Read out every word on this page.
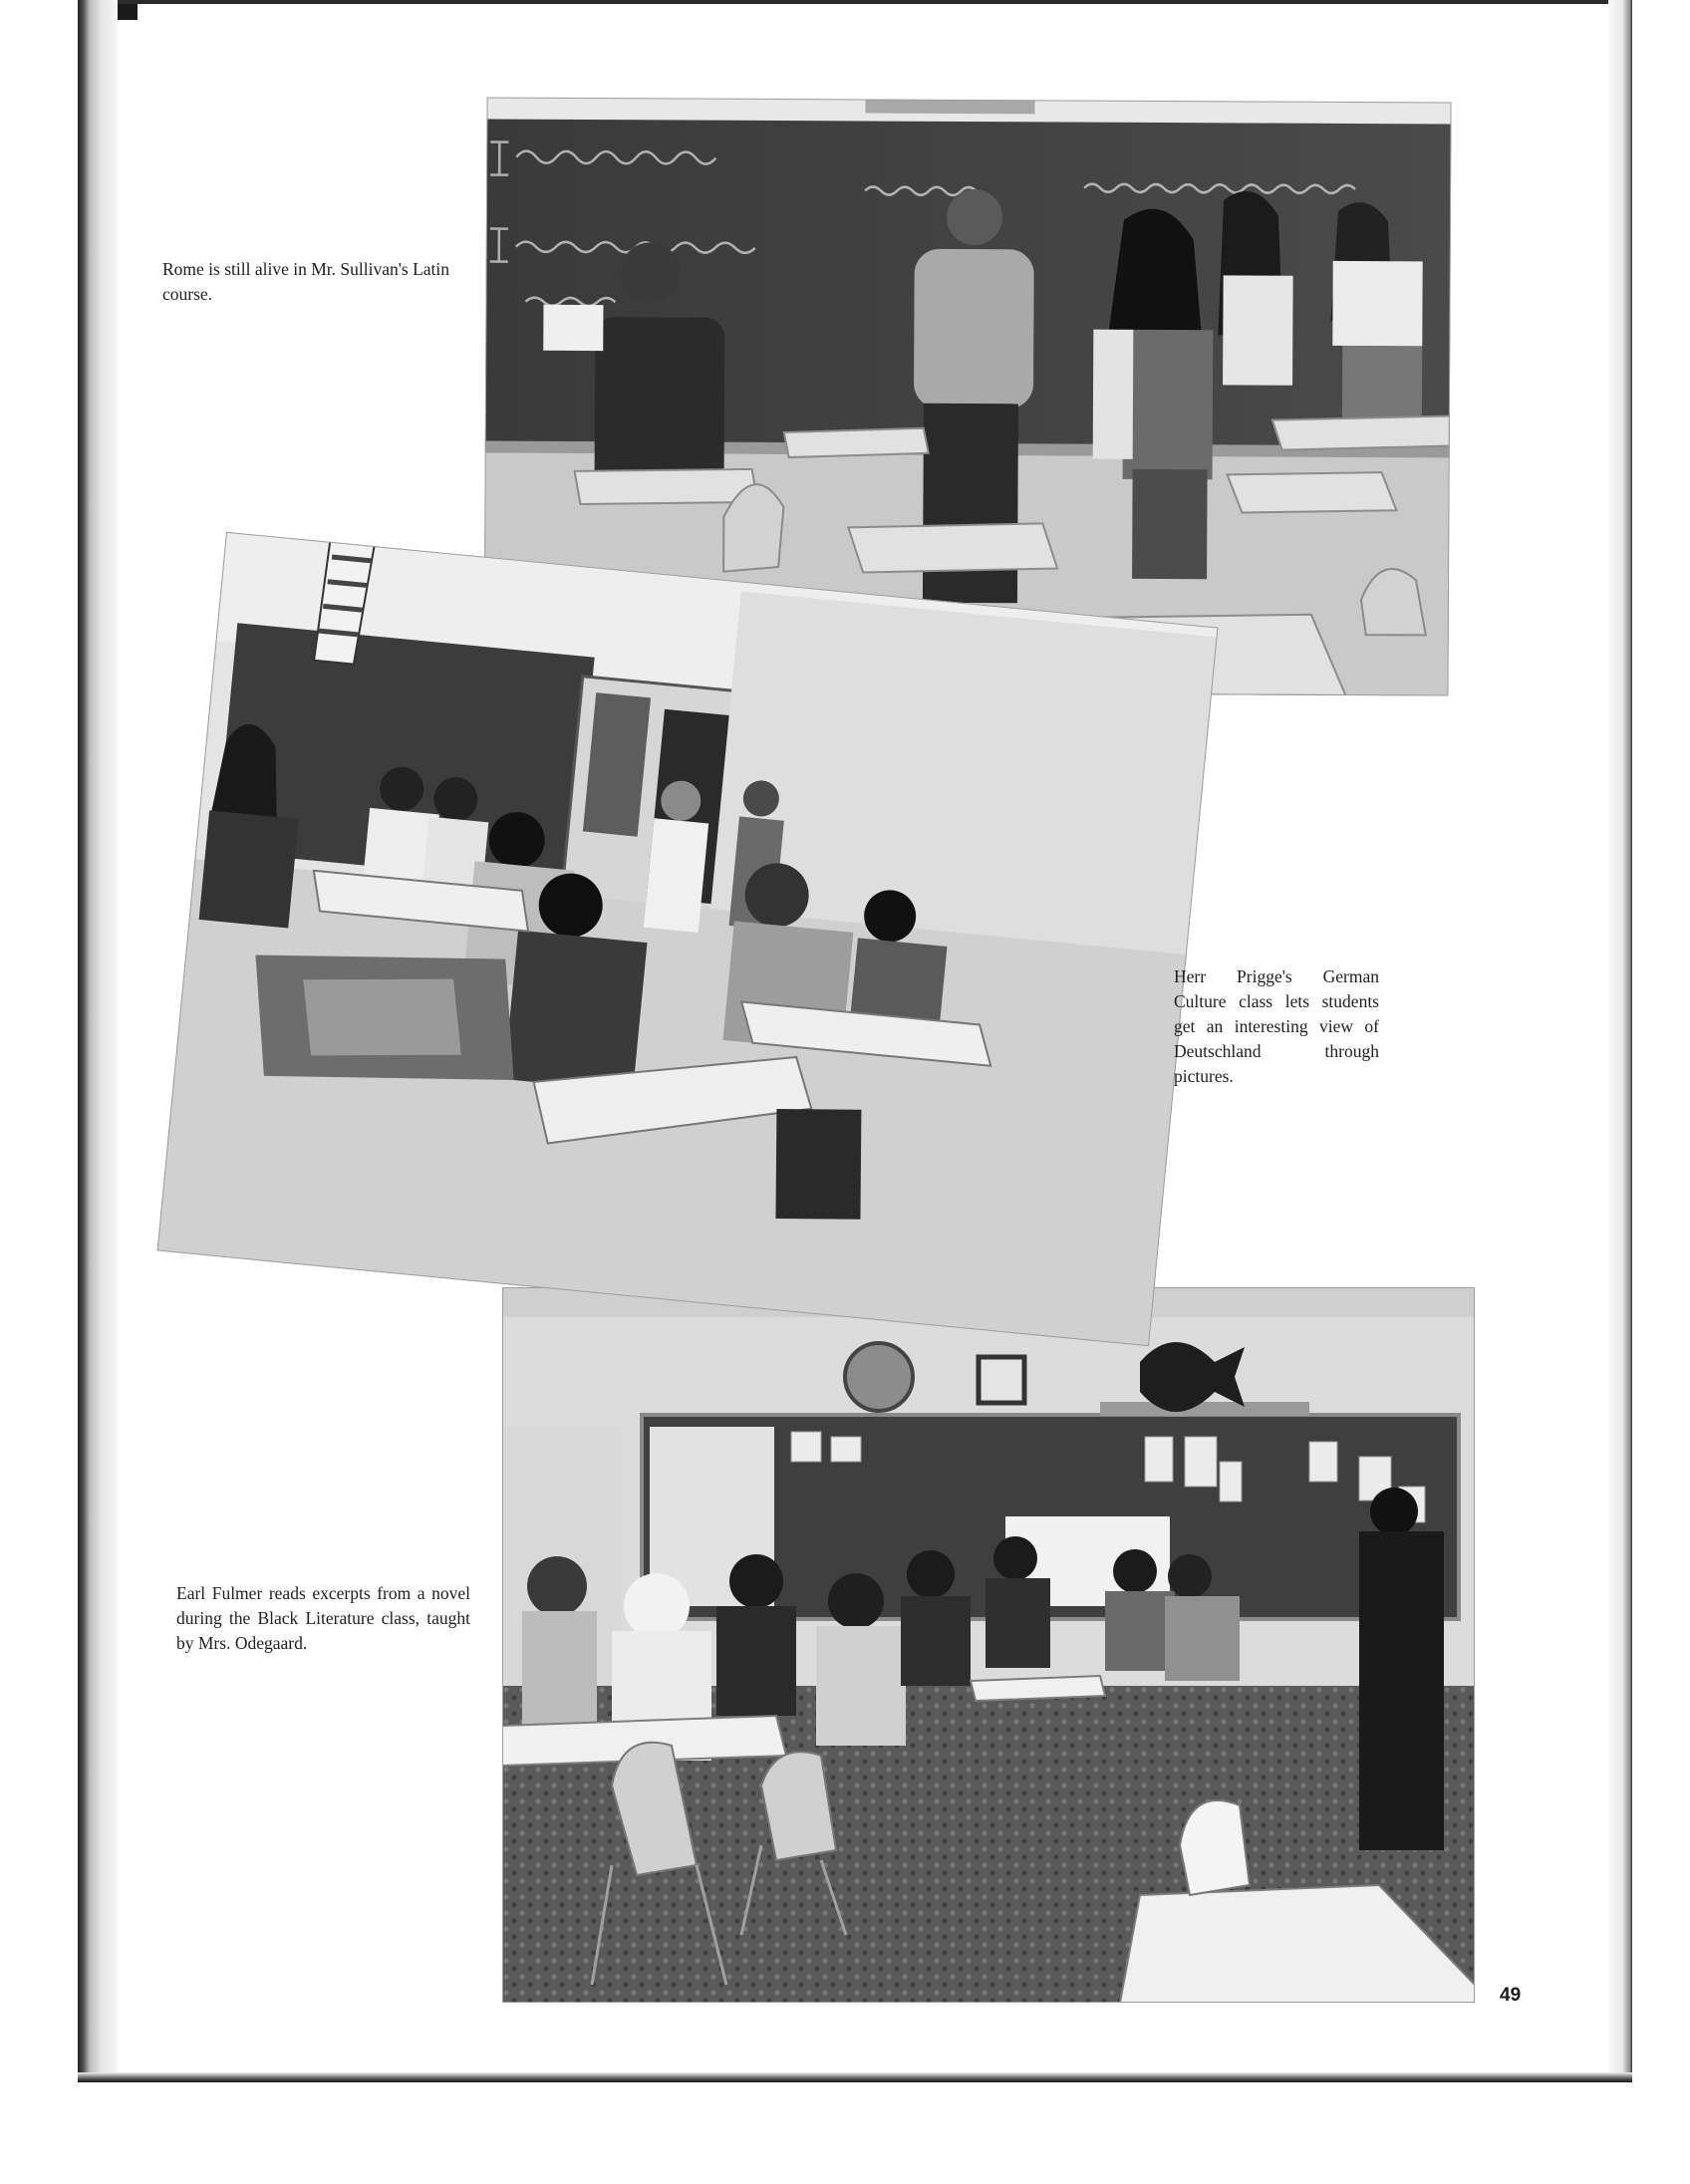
Rome is still alive in Mr. Sullivan's Latin course.

Herr Prigge's German Culture class lets students get an interesting view of Deutschland through pictures.

Earl Fulmer reads excerpts from a novel during the Black Literature class, taught by Mrs. Odegaard.

49
